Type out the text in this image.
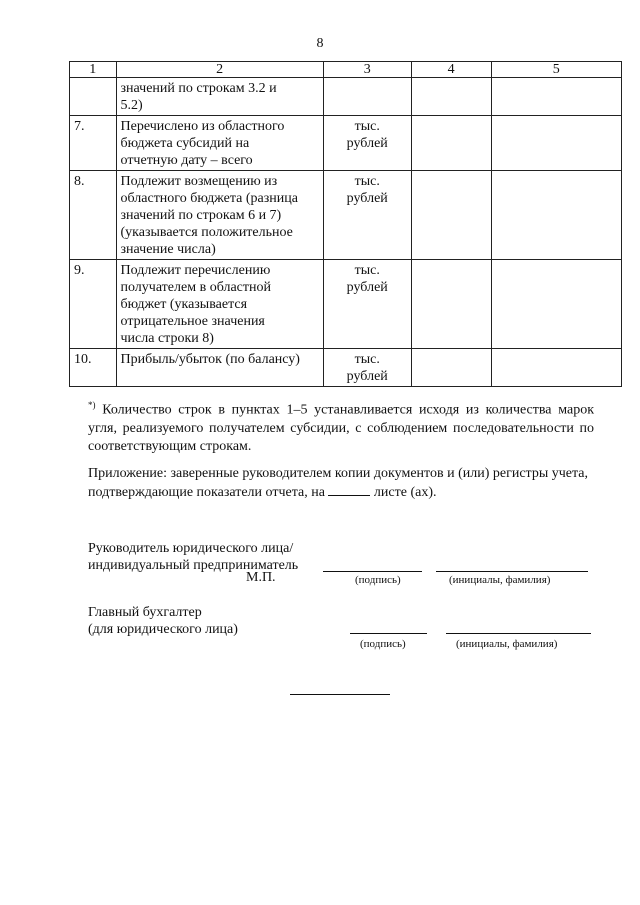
8
1	2	3	4	5
	значений по строкам 3.2 и
5.2)			
7.	Перечислено из областного
бюджета субсидий на
отчетную дату – всего	тыс.
рублей		
8.	Подлежит возмещению из
областного бюджета (разница
значений по строкам 6 и 7)
(указывается положительное
значение числа)	тыс.
рублей		
9.	Подлежит перечислению
получателем в областной
бюджет (указывается
отрицательное значения
числа строки 8)	тыс.
рублей		
10.	Прибыль/убыток (по балансу)	тыс.
рублей		
*) Количество строк в пунктах 1–5 устанавливается исходя из количества марок угля, реализуемого получателем субсидии, с соблюдением последовательности по соответствующим строкам.
Приложение: заверенные руководителем копии документов и (или) регистры учета, подтверждающие показатели отчета, на	листе (ах).
Руководитель юридического лица/
индивидуальный предприниматель
М.П.	(подпись)	(инициалы, фамилия)
Главный бухгалтер
(для юридического лица)
(подпись)	(инициалы, фамилия)
